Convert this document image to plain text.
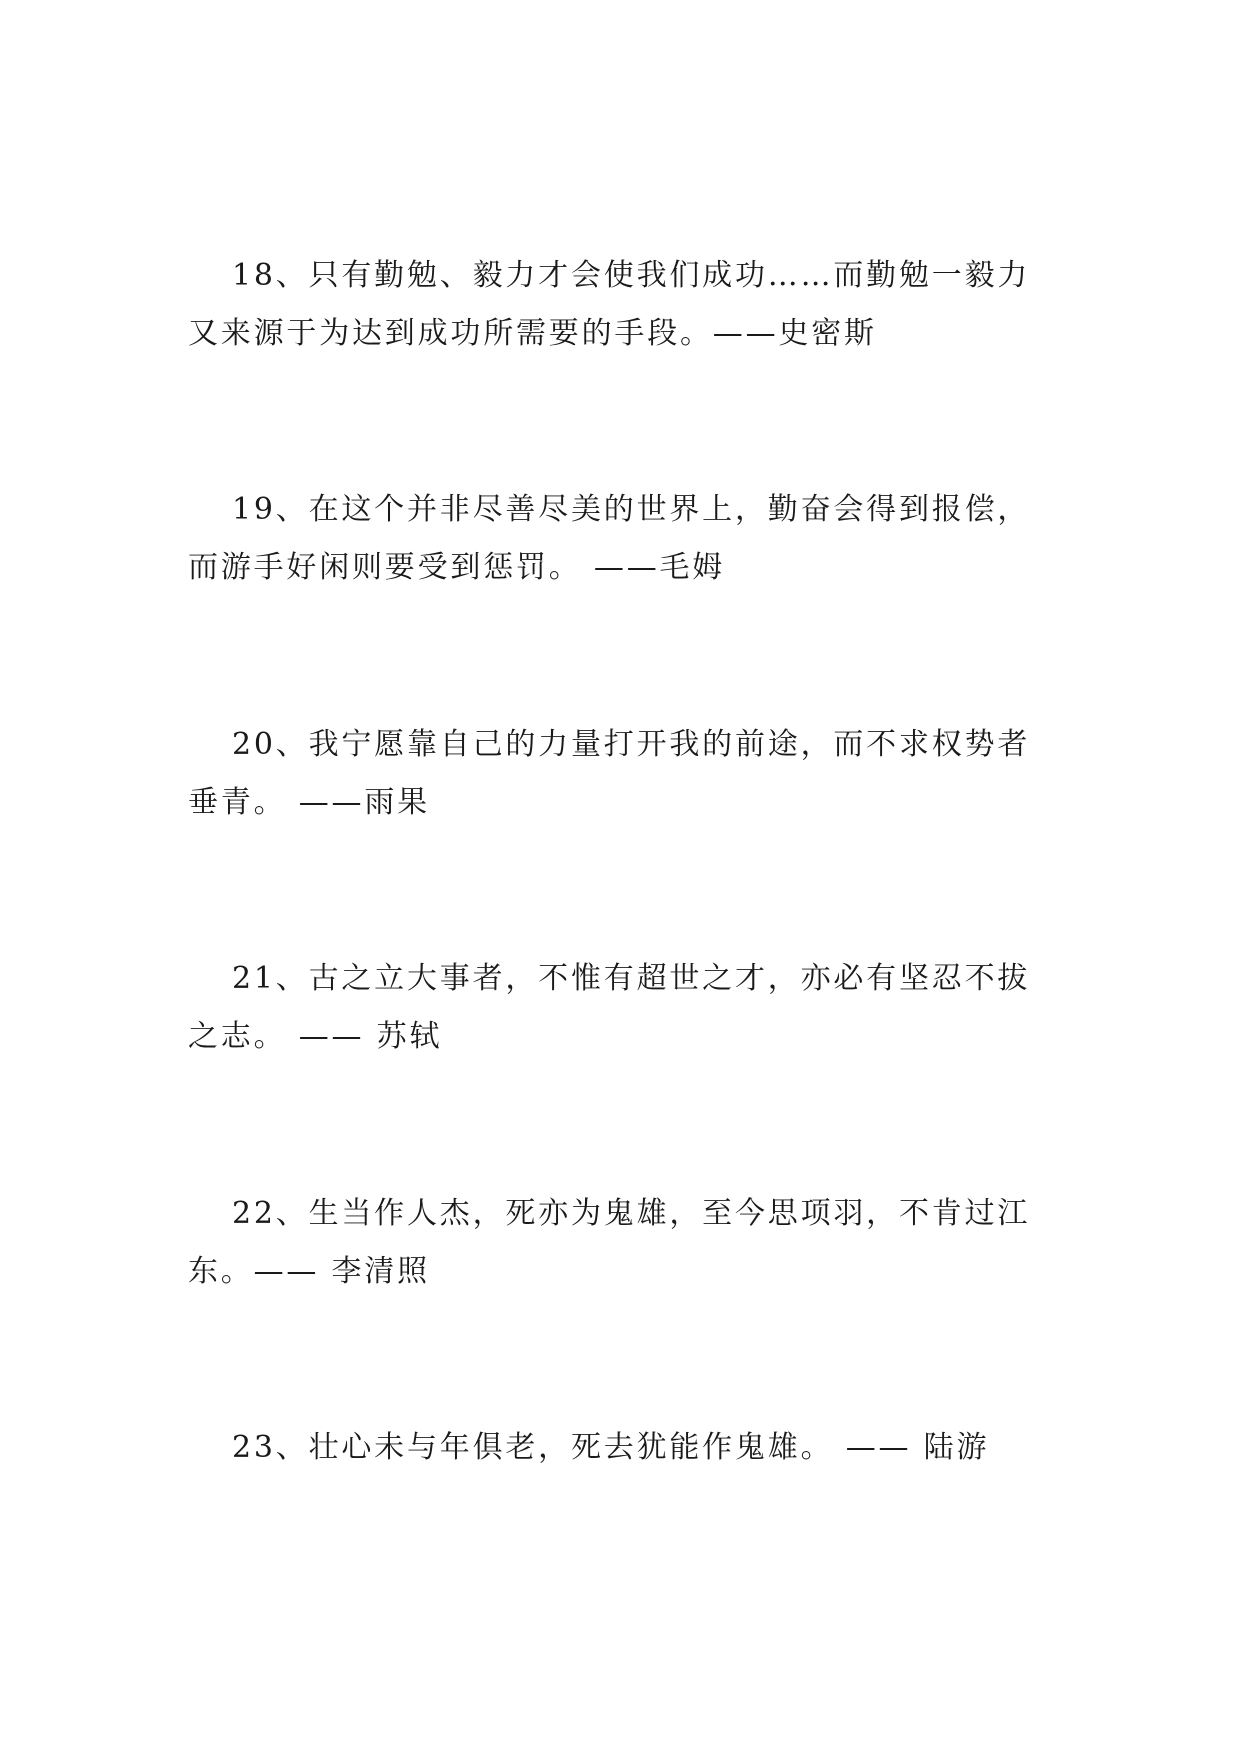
18、只有勤勉、毅力才会使我们成功……而勤勉一毅力又来源于为达到成功所需要的手段。——史密斯

19、在这个并非尽善尽美的世界上，勤奋会得到报偿，而游手好闲则要受到惩罚。 ——毛姆

20、我宁愿靠自己的力量打开我的前途，而不求权势者垂青。 ——雨果

21、古之立大事者，不惟有超世之才，亦必有坚忍不拔之志。 —— 苏轼

22、生当作人杰，死亦为鬼雄，至今思项羽，不肯过江东。—— 李清照

23、壮心未与年俱老，死去犹能作鬼雄。 —— 陆游
